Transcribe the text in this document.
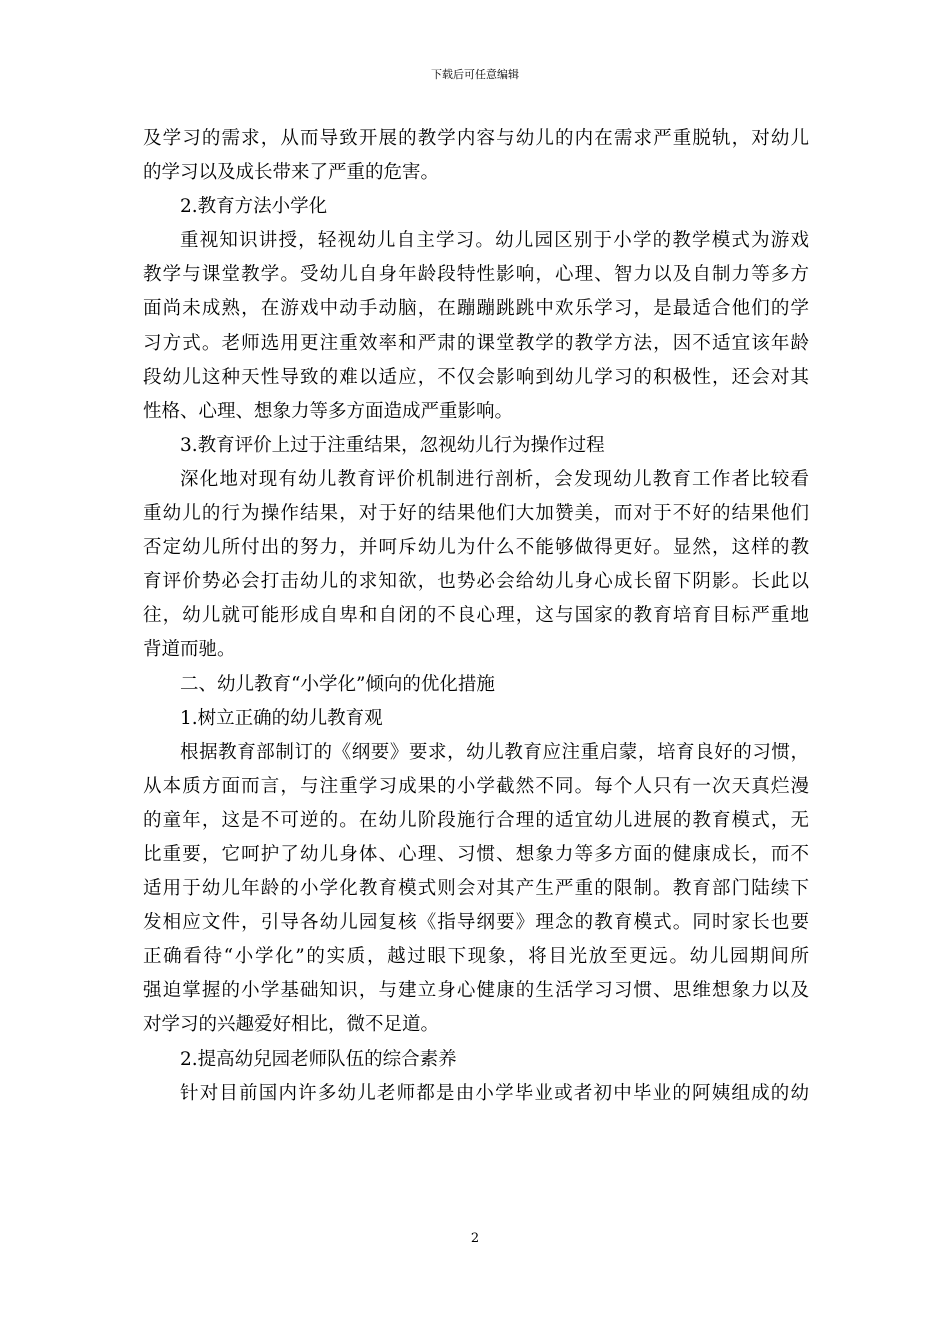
下载后可任意编辑
及学习的需求，从而导致开展的教学内容与幼儿的内在需求严重脱轨，对幼儿
的学习以及成长带来了严重的危害。
2.教育方法小学化
重视知识讲授，轻视幼儿自主学习。幼儿园区别于小学的教学模式为游戏
教学与课堂教学。受幼儿自身年龄段特性影响，心理、智力以及自制力等多方
面尚未成熟，在游戏中动手动脑，在蹦蹦跳跳中欢乐学习，是最适合他们的学
习方式。老师选用更注重效率和严肃的课堂教学的教学方法，因不适宜该年龄
段幼儿这种天性导致的难以适应，不仅会影响到幼儿学习的积极性，还会对其
性格、心理、想象力等多方面造成严重影响。
3.教育评价上过于注重结果，忽视幼儿行为操作过程
深化地对现有幼儿教育评价机制进行剖析，会发现幼儿教育工作者比较看
重幼儿的行为操作结果，对于好的结果他们大加赞美，而对于不好的结果他们
否定幼儿所付出的努力，并呵斥幼儿为什么不能够做得更好。显然，这样的教
育评价势必会打击幼儿的求知欲，也势必会给幼儿身心成长留下阴影。长此以
往，幼儿就可能形成自卑和自闭的不良心理，这与国家的教育培育目标严重地
背道而驰。
二、幼儿教育“小学化”倾向的优化措施
1.树立正确的幼儿教育观
根据教育部制订的《纲要》要求，幼儿教育应注重启蒙，培育良好的习惯，
从本质方面而言，与注重学习成果的小学截然不同。每个人只有一次天真烂漫
的童年，这是不可逆的。在幼儿阶段施行合理的适宜幼儿进展的教育模式，无
比重要，它呵护了幼儿身体、心理、习惯、想象力等多方面的健康成长，而不
适用于幼儿年龄的小学化教育模式则会对其产生严重的限制。教育部门陆续下
发相应文件，引导各幼儿园复核《指导纲要》理念的教育模式。同时家长也要
正确看待“小学化”的实质，越过眼下现象，将目光放至更远。幼儿园期间所
强迫掌握的小学基础知识，与建立身心健康的生活学习习惯、思维想象力以及
对学习的兴趣爱好相比，微不足道。
2.提高幼兒园老师队伍的综合素养
针对目前国内许多幼儿老师都是由小学毕业或者初中毕业的阿姨组成的幼
2
